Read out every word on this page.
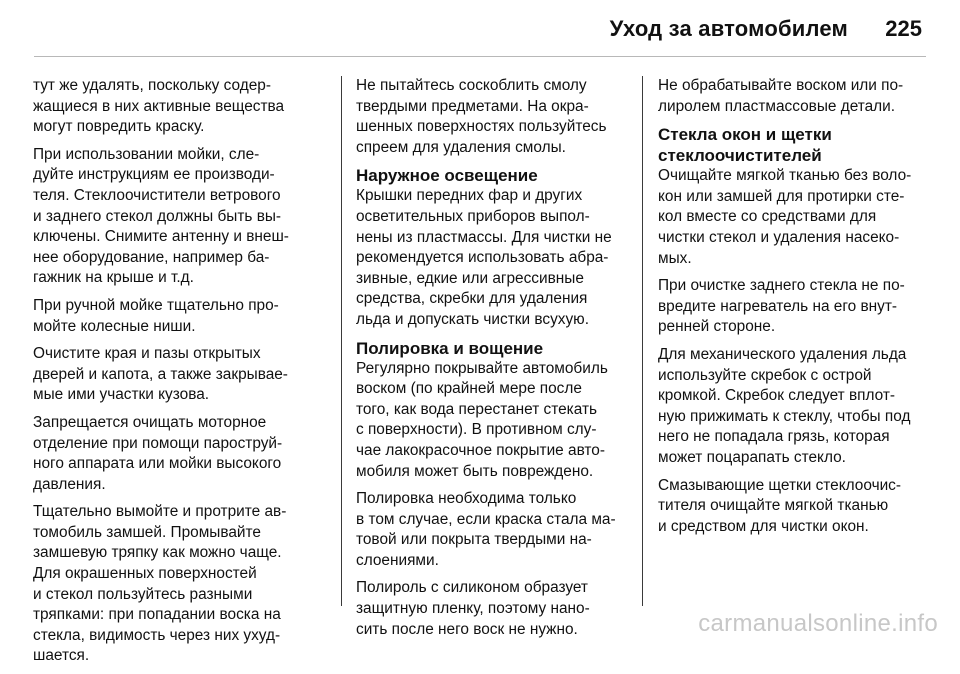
Уход за автомобилем 225

тут же удалять, поскольку содер‐
жащиеся в них активные вещества
могут повредить краску.

При использовании мойки, сле‐
дуйте инструкциям ее производи‐
теля. Стеклоочистители ветрового
и заднего стекол должны быть вы‐
ключены. Снимите антенну и внеш‐
нее оборудование, например ба‐
гажник на крыше и т.д.

При ручной мойке тщательно про‐
мойте колесные ниши.

Очистите края и пазы открытых
дверей и капота, а также закрывае‐
мые ими участки кузова.

Запрещается очищать моторное
отделение при помощи пароструй‐
ного аппарата или мойки высокого
давления.

Тщательно вымойте и протрите ав‐
томобиль замшей. Промывайте
замшевую тряпку как можно чаще.
Для окрашенных поверхностей
и стекол пользуйтесь разными
тряпками: при попадании воска на
стекла, видимость через них ухуд‐
шается.

Не пытайтесь соскоблить смолу
твердыми предметами. На окра‐
шенных поверхностях пользуйтесь
спреем для удаления смолы.

Наружное освещение

Крышки передних фар и других
осветительных приборов выпол‐
нены из пластмассы. Для чистки не
рекомендуется использовать абра‐
зивные, едкие или агрессивные
средства, скребки для удаления
льда и допускать чистки всухую.

Полировка и вощение

Регулярно покрывайте автомобиль
воском (по крайней мере после
того, как вода перестанет стекать
с поверхности). В противном слу‐
чае лакокрасочное покрытие авто‐
мобиля может быть повреждено.

Полировка необходима только
в том случае, если краска стала ма‐
товой или покрыта твердыми на‐
слоениями.

Полироль с силиконом образует
защитную пленку, поэтому нано‐
сить после него воск не нужно.

Не обрабатывайте воском или по‐
лиролем пластмассовые детали.

Стекла окон и щетки
стеклоочистителей

Очищайте мягкой тканью без воло‐
кон или замшей для протирки сте‐
кол вместе со средствами для
чистки стекол и удаления насеко‐
мых.

При очистке заднего стекла не по‐
вредите нагреватель на его внут‐
ренней стороне.

Для механического удаления льда
используйте скребок с острой
кромкой. Скребок следует вплот‐
ную прижимать к стеклу, чтобы под
него не попадала грязь, которая
может поцарапать стекло.

Смазывающие щетки стеклоочис‐
тителя очищайте мягкой тканью
и средством для чистки окон.

carmanualsonline.info
